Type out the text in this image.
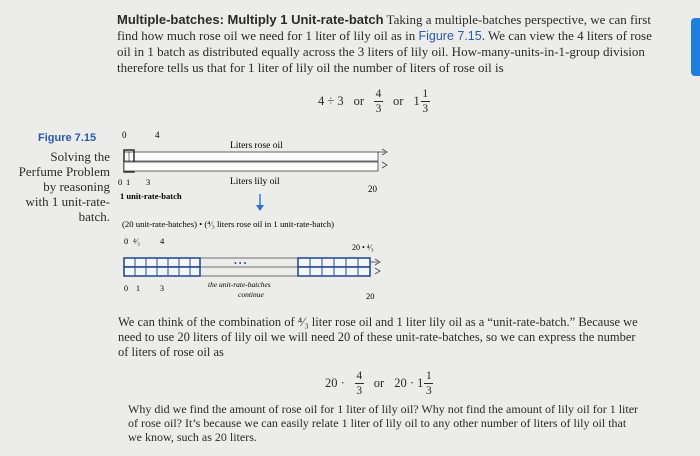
Multiple-batches: Multiply 1 Unit-rate-batch Taking a multiple-batches perspective, we can first find how much rose oil we need for 1 liter of lily oil as in Figure 7.15. We can view the 4 liters of rose oil in 1 batch as distributed equally across the 3 liters of lily oil. How-many-units-in-1-group division therefore tells us that for 1 liter of lily oil the number of liters of rose oil is
4 ÷ 3 or $\frac{4}{3}$ or $1 \frac{1}{3}$
Figure 7.15
Solving the Perfume Problem by reasoning with 1 unit-rate-batch.
0	4
Liters rose oil
Liters lily oil
0 1 3
20
1 unit-rate-batch
(20 unit-rate-batches) • (⁴⁄₃ liters rose oil in 1 unit-rate-batch)
0 ⁴⁄₃ 4
20 • ⁴⁄₃
• • •
the unit-rate-batches
continue
0 1	3
20
We can think of the combination of ⁴⁄₃ liter rose oil and 1 liter lily oil as a “unit-rate-batch.” Because we need to use 20 liters of lily oil we will need 20 of these unit-rate-batches, so we can express the number of liters of rose oil as
$20 \cdot \frac{4}{3}$ or $20 \cdot 1 \frac{1}{3}$
Why did we find the amount of rose oil for 1 liter of lily oil? Why not find the amount of lily oil for 1 liter of rose oil? It’s because we can easily relate 1 liter of lily oil to any other number of liters of lily oil that we know, such as 20 liters.
